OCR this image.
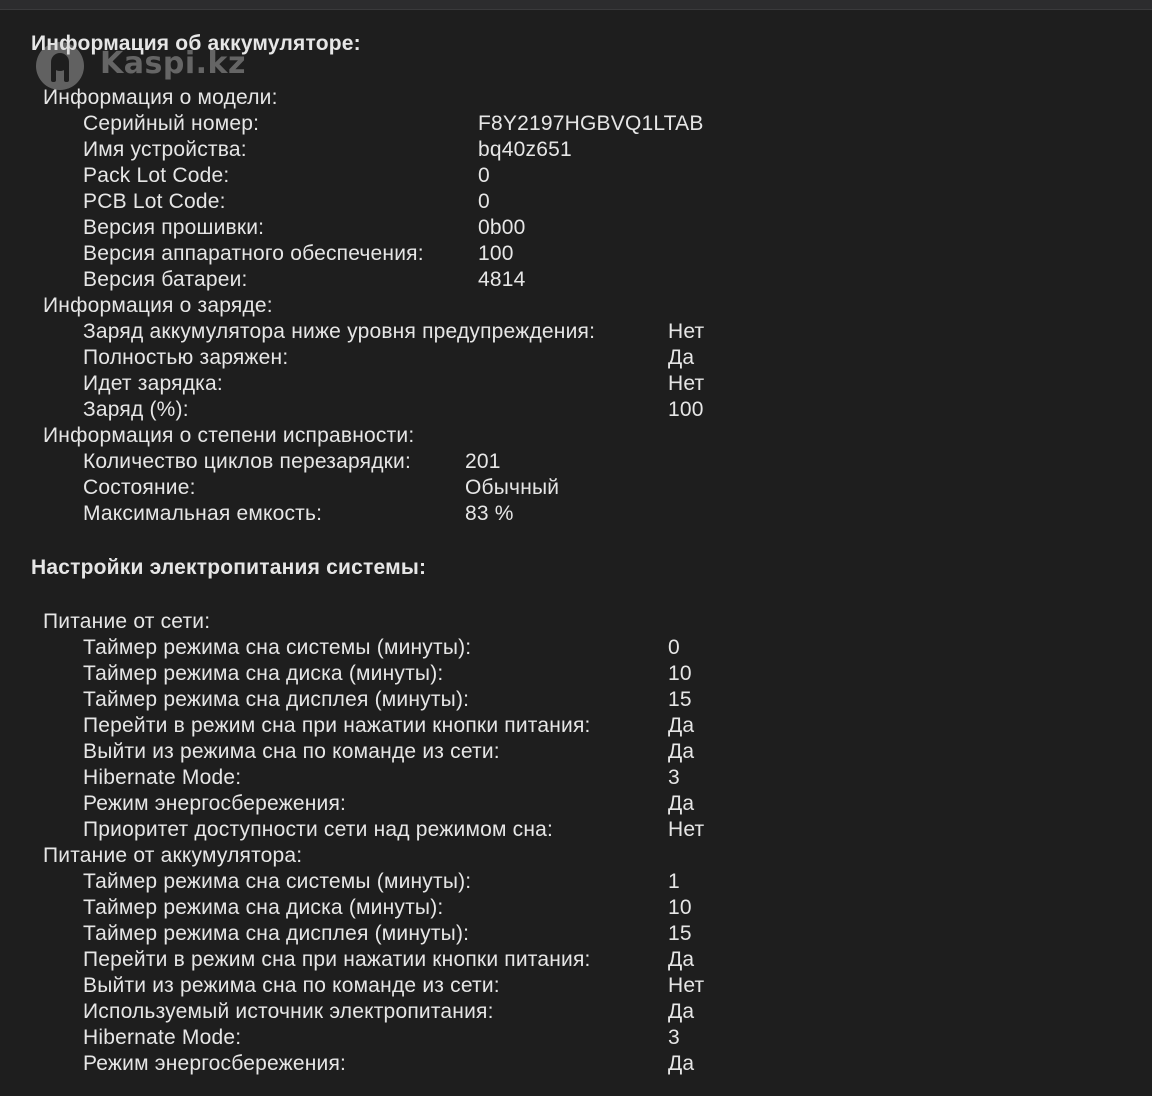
Информация об аккумуляторе:
Информация о модели:
Серийный номер:	F8Y2197HGBVQ1LTAB
Имя устройства:	bq40z651
Pack Lot Code:	0
PCB Lot Code:	0
Версия прошивки:	0b00
Версия аппаратного обеспечения:	100
Версия батареи:	4814
Информация о заряде:
Заряд аккумулятора ниже уровня предупреждения:	Нет
Полностью заряжен:	Да
Идет зарядка:	Нет
Заряд (%):	100
Информация о степени исправности:
Количество циклов перезарядки:	201
Состояние:	Обычный
Максимальная емкость:	83 %
Настройки электропитания системы:
Питание от сети:
Таймер режима сна системы (минуты):	0
Таймер режима сна диска (минуты):	10
Таймер режима сна дисплея (минуты):	15
Перейти в режим сна при нажатии кнопки питания:	Да
Выйти из режима сна по команде из сети:	Да
Hibernate Mode:	3
Режим энергосбережения:	Да
Приоритет доступности сети над режимом сна:	Нет
Питание от аккумулятора:
Таймер режима сна системы (минуты):	1
Таймер режима сна диска (минуты):	10
Таймер режима сна дисплея (минуты):	15
Перейти в режим сна при нажатии кнопки питания:	Да
Выйти из режима сна по команде из сети:	Нет
Используемый источник электропитания:	Да
Hibernate Mode:	3
Режим энергосбережения:	Да
Kaspi.kz
